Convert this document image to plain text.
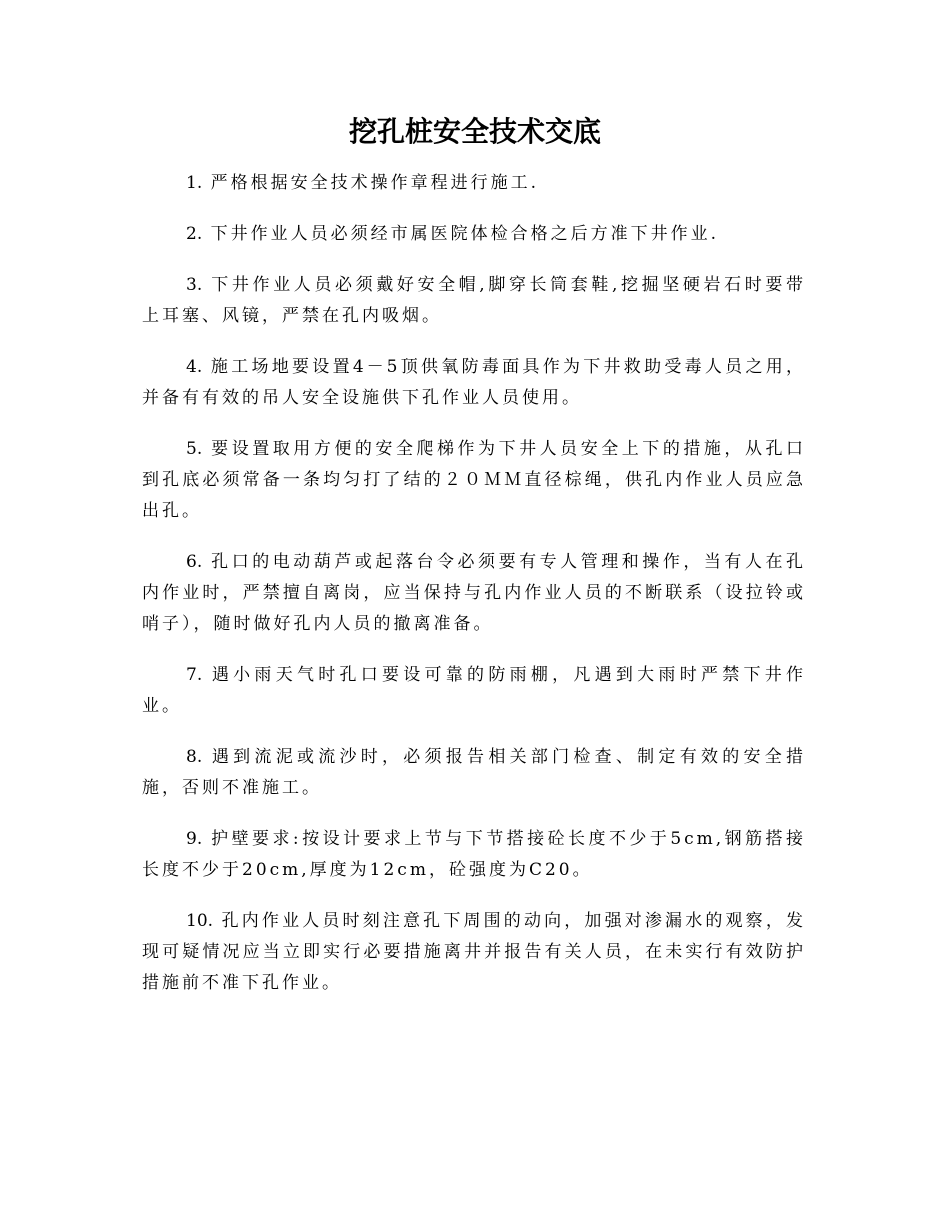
挖孔桩安全技术交底

1. 严格根据安全技术操作章程进行施工.

2. 下井作业人员必须经市属医院体检合格之后方准下井作业.

3. 下井作业人员必须戴好安全帽,脚穿长筒套鞋,挖掘坚硬岩石时要带上耳塞、风镜，严禁在孔内吸烟。

4. 施工场地要设置4－5顶供氧防毒面具作为下井救助受毒人员之用，并备有有效的吊人安全设施供下孔作业人员使用。

5. 要设置取用方便的安全爬梯作为下井人员安全上下的措施，从孔口到孔底必须常备一条均匀打了结的２０ＭＭ直径棕绳，供孔内作业人员应急出孔。

6. 孔口的电动葫芦或起落台令必须要有专人管理和操作，当有人在孔内作业时，严禁擅自离岗，应当保持与孔内作业人员的不断联系（设拉铃或哨子），随时做好孔内人员的撤离准备。

7. 遇小雨天气时孔口要设可靠的防雨棚，凡遇到大雨时严禁下井作业。

8. 遇到流泥或流沙时，必须报告相关部门检查、制定有效的安全措施，否则不准施工。

9. 护壁要求:按设计要求上节与下节搭接砼长度不少于5cm,钢筋搭接长度不少于20cm,厚度为12cm，砼强度为C20。

10. 孔内作业人员时刻注意孔下周围的动向，加强对渗漏水的观察，发现可疑情况应当立即实行必要措施离井并报告有关人员，在未实行有效防护措施前不准下孔作业。
